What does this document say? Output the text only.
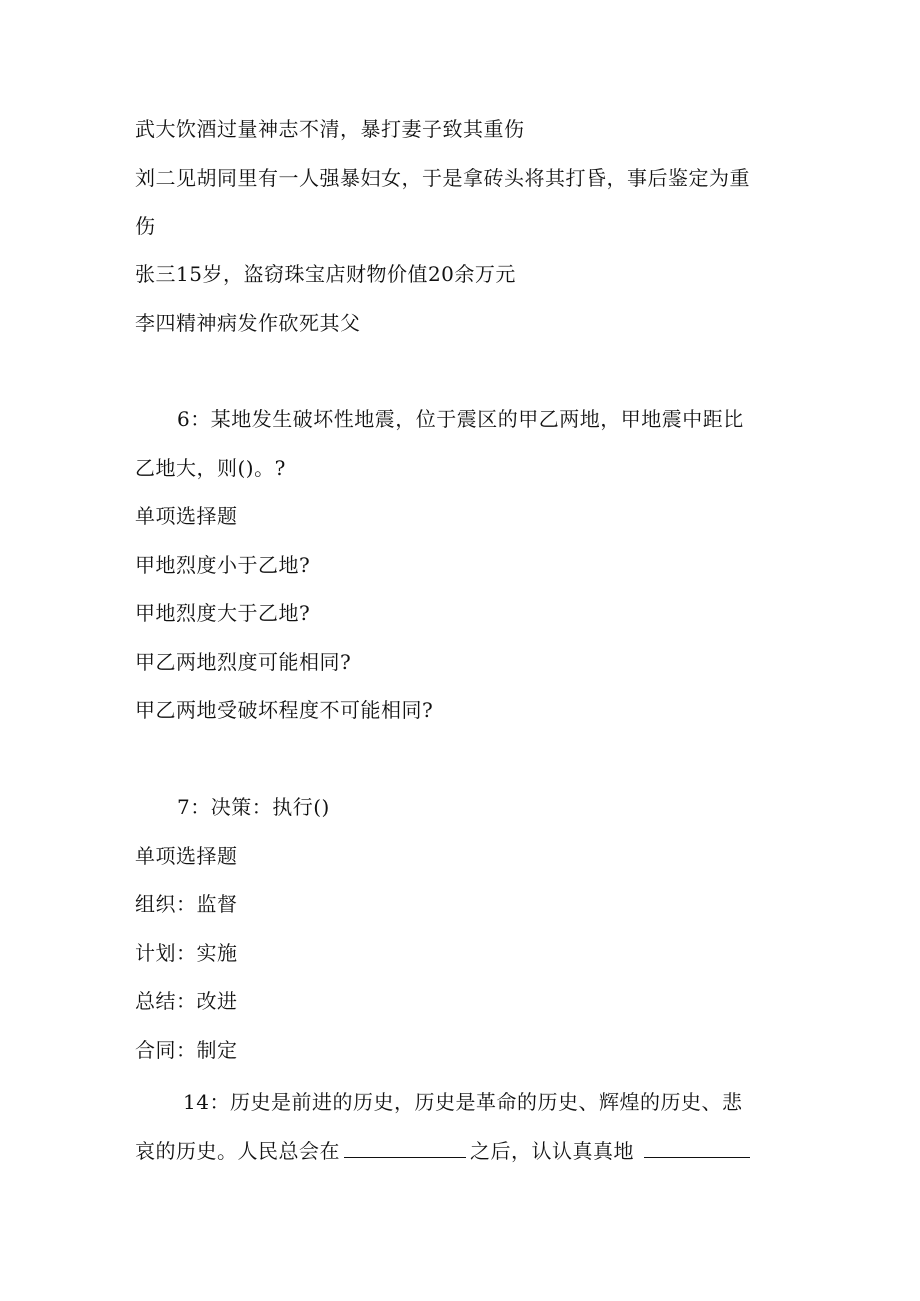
武大饮酒过量神志不清，暴打妻子致其重伤
刘二见胡同里有一人强暴妇女，于是拿砖头将其打昏，事后鉴定为重
伤
张三15岁，盗窃珠宝店财物价值20余万元
李四精神病发作砍死其父
6：某地发生破坏性地震，位于震区的甲乙两地，甲地震中距比
乙地大，则()。?
单项选择题
甲地烈度小于乙地?
甲地烈度大于乙地?
甲乙两地烈度可能相同?
甲乙两地受破坏程度不可能相同?
7：决策：执行()
单项选择题
组织：监督
计划：实施
总结：改进
合同：制定
14：历史是前进的历史，历史是革命的历史、辉煌的历史、悲
哀的历史。人民总会在	之后，认认真真地
